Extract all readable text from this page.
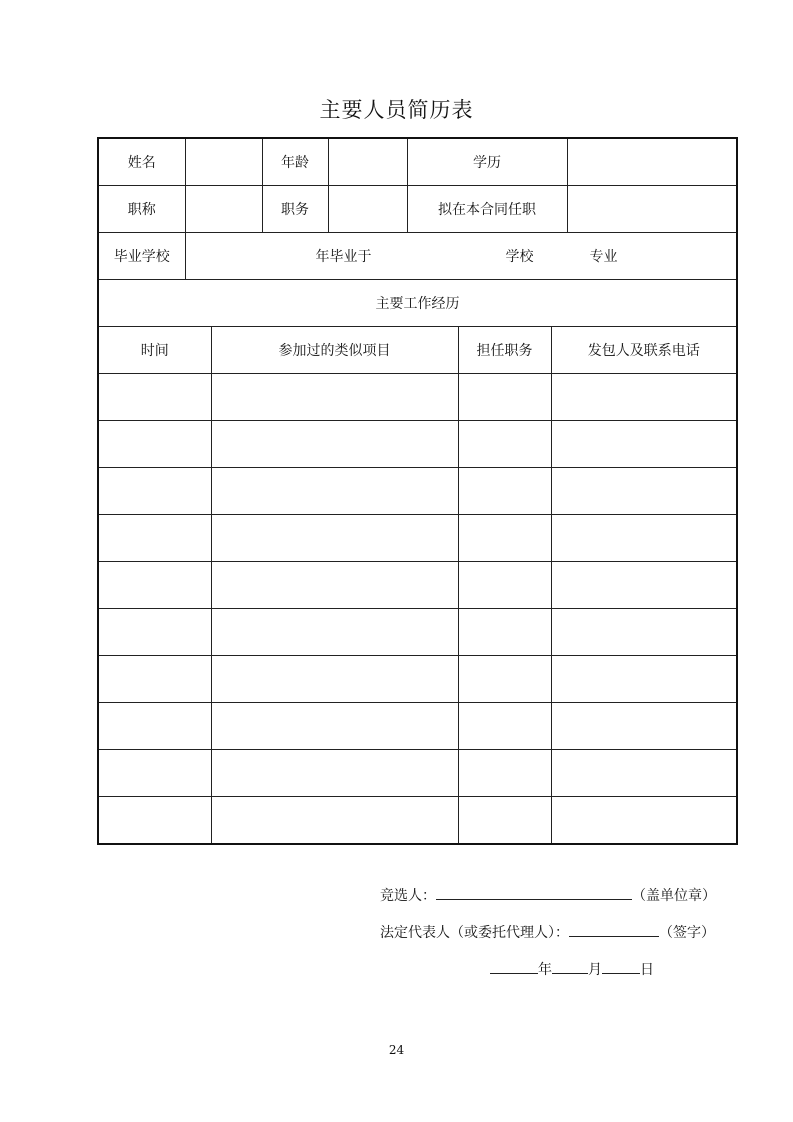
主要人员简历表
姓名			年龄		学历			
职称			职务		拟在本合同任职			
毕业学校	年毕业于 学校 专业							
主要工作经历								
时间		参加过的类似项目				担任职务	发包人及联系电话	

竞选人：	（盖单位章）
法定代表人（或委托代理人）：	（签字）
年	月	日
24
